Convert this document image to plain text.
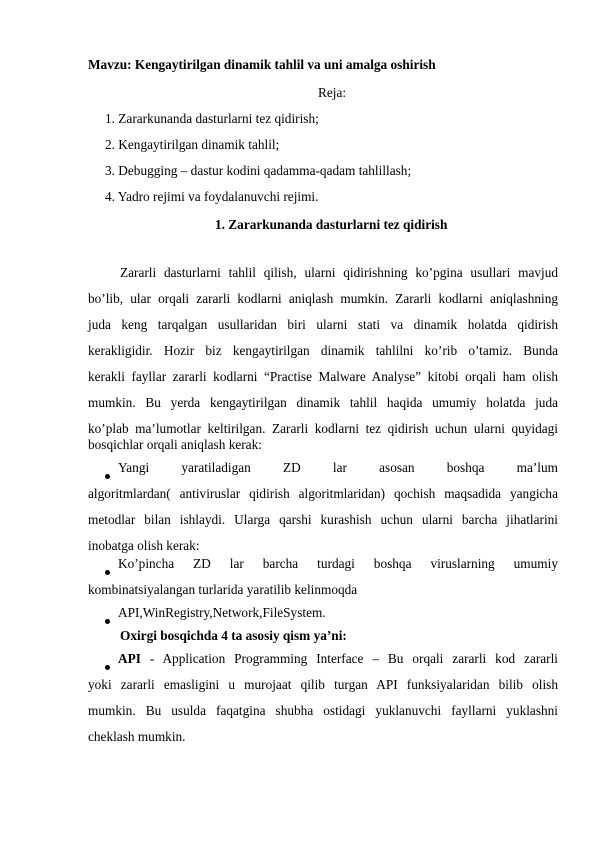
Mavzu: Kengaytirilgan dinamik tahlil va uni amalga oshirish
Reja:
1. Zararkunanda dasturlarni tez qidirish;
2. Kengaytirilgan dinamik tahlil;
3. Debugging – dastur kodini qadamma-qadam tahlillash;
4. Yadro rejimi va foydalanuvchi rejimi.
1. Zararkunanda dasturlarni tez qidirish
Zararli dasturlarni tahlil qilish, ularni qidirishning ko’pgina usullari mavjud
bo’lib, ular orqali zararli kodlarni aniqlash mumkin. Zararli kodlarni aniqlashning
juda keng tarqalgan usullaridan biri ularni stati va dinamik holatda qidirish
kerakligidir. Hozir biz kengaytirilgan dinamik tahlilni ko’rib o’tamiz. Bunda
kerakli fayllar zararli kodlarni “Practise Malware Analyse” kitobi orqali ham olish
mumkin. Bu yerda kengaytirilgan dinamik tahlil haqida umumiy holatda juda
ko’plab ma’lumotlar keltirilgan. Zararli kodlarni tez qidirish uchun ularni quyidagi
bosqichlar orqali aniqlash kerak:
Yangi yaratiladigan ZD lar asosan boshqa ma’lum
algoritmlardan( antiviruslar qidirish algoritmlaridan) qochish maqsadida yangicha
metodlar bilan ishlaydi. Ularga qarshi kurashish uchun ularni barcha jihatlarini
inobatga olish kerak:
Ko’pincha ZD lar barcha turdagi boshqa viruslarning umumiy
kombinatsiyalangan turlarida yaratilib kelinmoqda
API,WinRegistry,Network,FileSystem.
Oxirgi bosqichda 4 ta asosiy qism ya’ni:
API - Application Programming Interface – Bu orqali zararli kod zararli
yoki zararli emasligini u murojaat qilib turgan API funksiyalaridan bilib olish
mumkin. Bu usulda faqatgina shubha ostidagi yuklanuvchi fayllarni yuklashni
cheklash mumkin.
